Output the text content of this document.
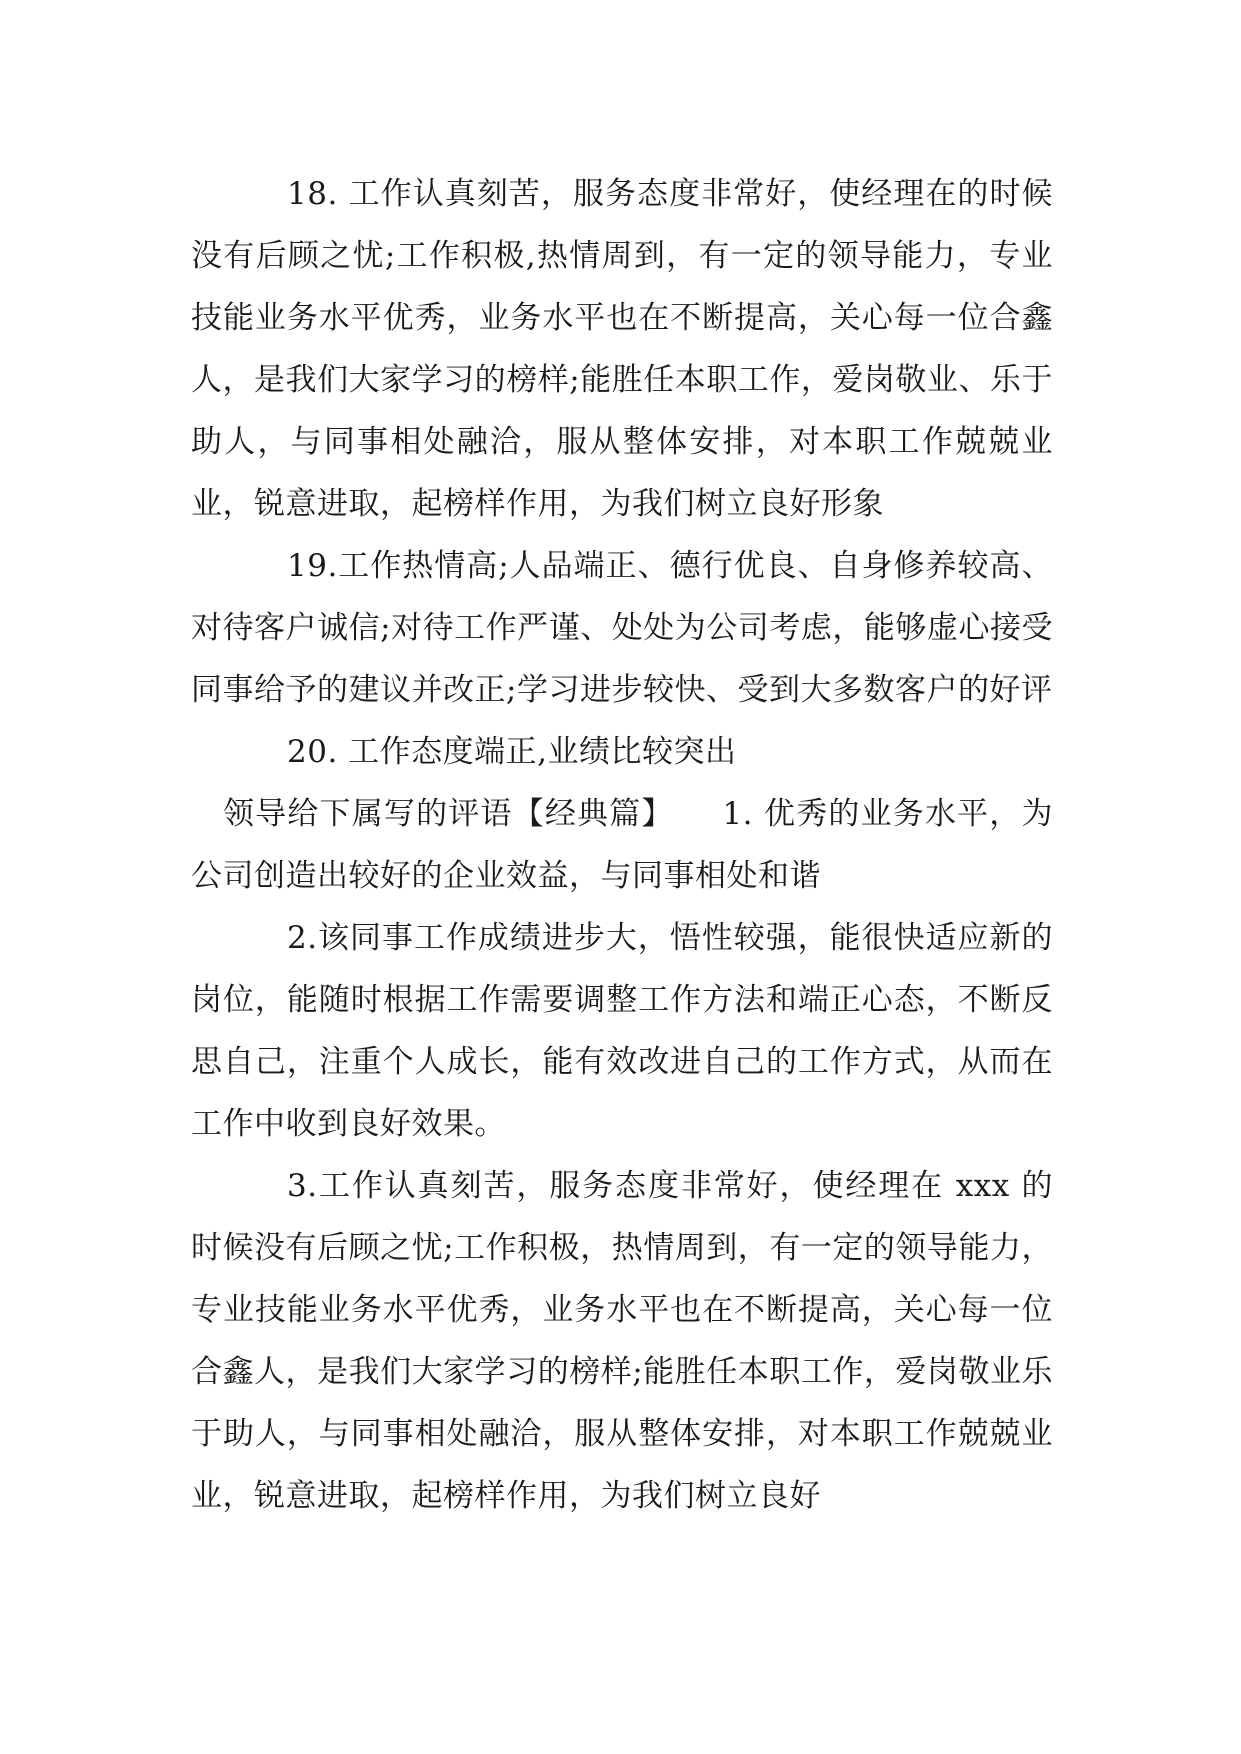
18. 工作认真刻苦，服务态度非常好，使经理在的时候没有后顾之忧;工作积极,热情周到，有一定的领导能力，专业技能业务水平优秀，业务水平也在不断提高，关心每一位合鑫人，是我们大家学习的榜样;能胜任本职工作，爱岗敬业、乐于助人，与同事相处融洽，服从整体安排，对本职工作兢兢业业，锐意进取，起榜样作用，为我们树立良好形象

19.工作热情高;人品端正、德行优良、自身修养较高、对待客户诚信;对待工作严谨、处处为公司考虑，能够虚心接受同事给予的建议并改正;学习进步较快、受到大多数客户的好评

20. 工作态度端正,业绩比较突出

领导给下属写的评语【经典篇】　　1. 优秀的业务水平，为公司创造出较好的企业效益，与同事相处和谐

2.该同事工作成绩进步大，悟性较强，能很快适应新的岗位，能随时根据工作需要调整工作方法和端正心态，不断反思自己，注重个人成长，能有效改进自己的工作方式，从而在工作中收到良好效果。

3.工作认真刻苦，服务态度非常好，使经理在 xxx 的时候没有后顾之忧;工作积极，热情周到，有一定的领导能力，专业技能业务水平优秀，业务水平也在不断提高，关心每一位合鑫人，是我们大家学习的榜样;能胜任本职工作，爱岗敬业乐于助人，与同事相处融洽，服从整体安排，对本职工作兢兢业业，锐意进取，起榜样作用，为我们树立良好
